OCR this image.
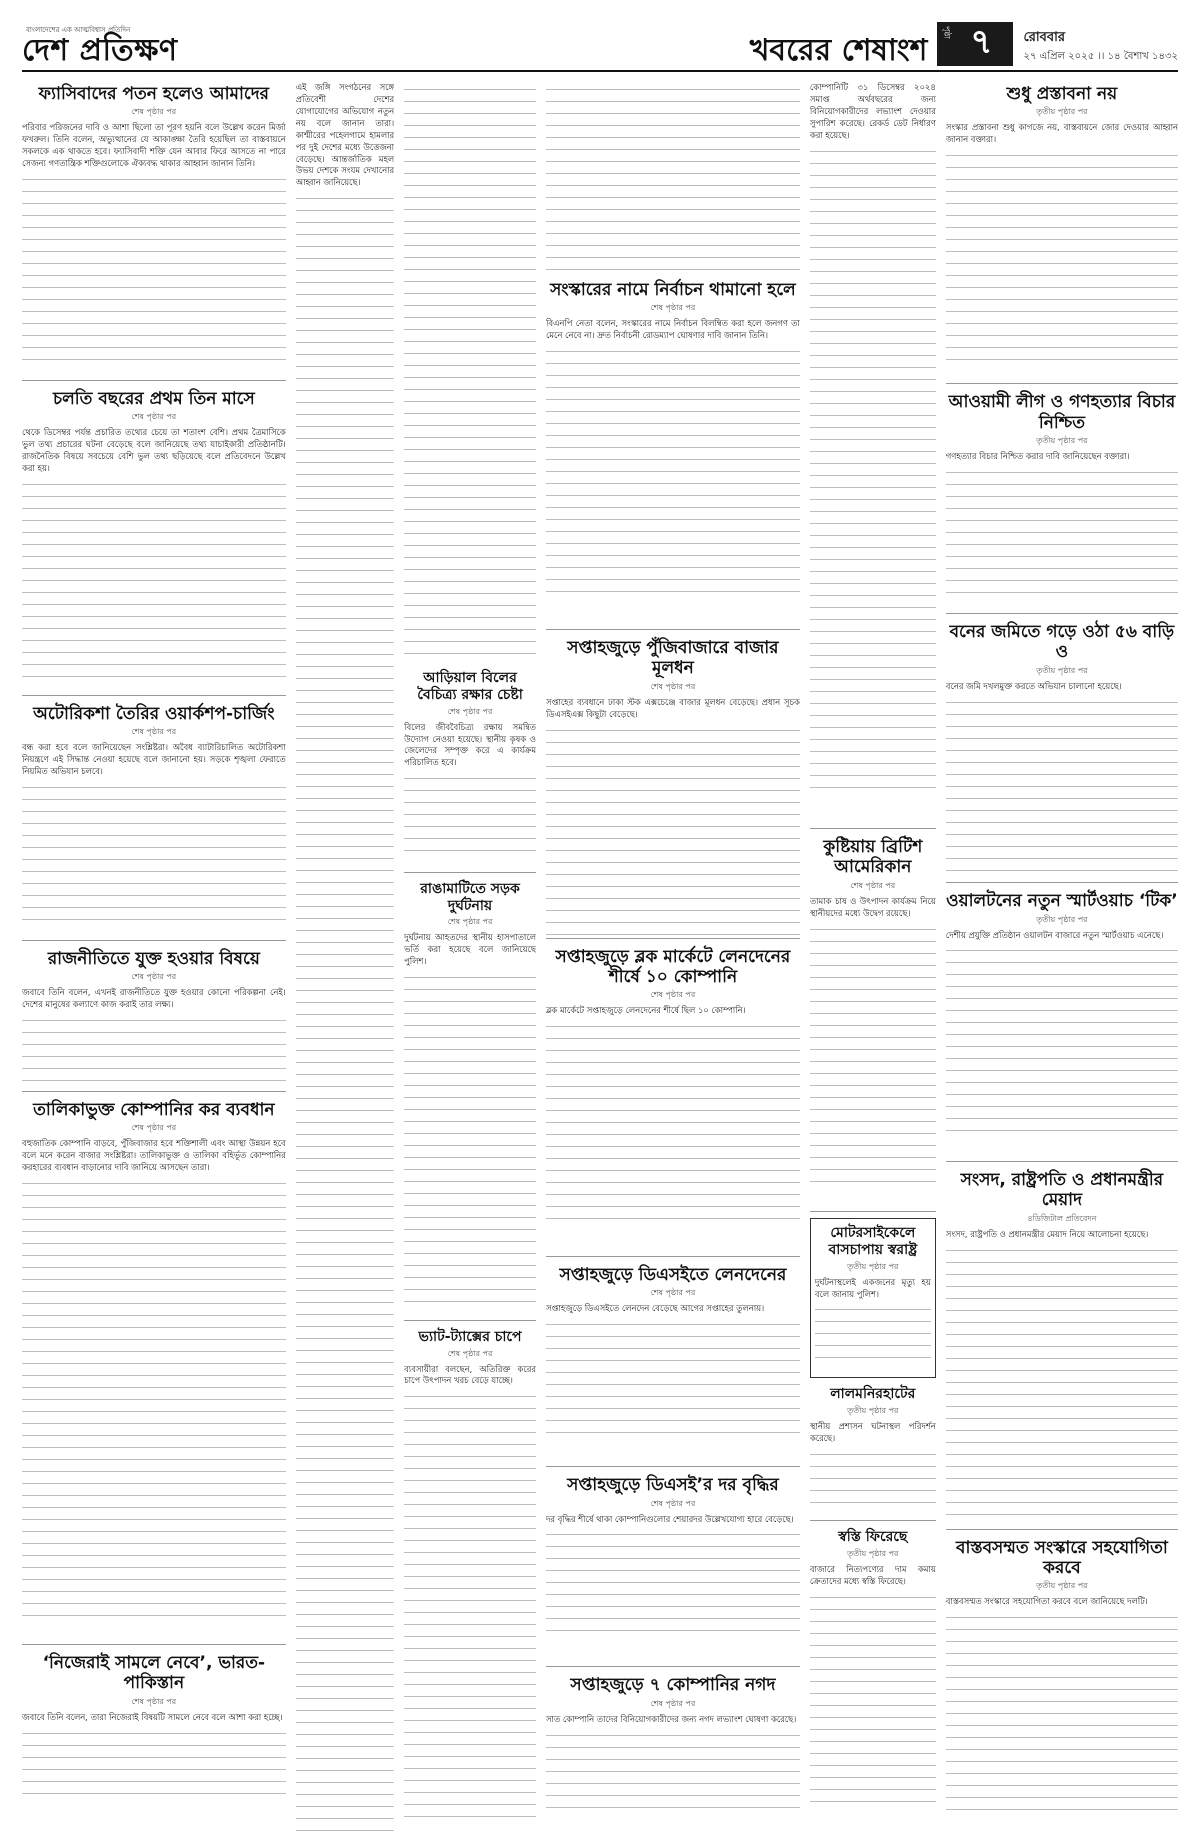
বাংলাদেশের এক আত্মবিশ্বাস প্রতিদিন
দেশ প্রতিক্ষণ	খবরের শেষাংশ
পৃষ্ঠা ৭ রোববার
২৭ এপ্রিল ২০২৫ ।। ১৪ বৈশাখ ১৪৩২
ফ্যাসিবাদের পতন হলেও আমাদের
শেষ পৃষ্ঠার পর

পরিবার পরিজনের দাবি ও আশা ছিলো তা পূরণ হয়নি বলে উল্লেখ করেন মির্জা ফখরুল। তিনি বলেন, অভ্যুত্থানের যে আকাঙ্ক্ষা তৈরি হয়েছিল তা বাস্তবায়নে সকলকে এক থাকতে হবে। ফ্যাসিবাদী শক্তি যেন আবার ফিরে আসতে না পারে সেজন্য গণতান্ত্রিক শক্তিগুলোকে ঐক্যবদ্ধ থাকার আহ্বান জানান তিনি।

চলতি বছরের প্রথম তিন মাসে
শেষ পৃষ্ঠার পর

থেকে ডিসেম্বর পর্যন্ত প্রচারিত তথ্যের চেয়ে তা শতাংশ বেশি। প্রথম ত্রৈমাসিকে ভুল তথ্য প্রচারের ঘটনা বেড়েছে বলে জানিয়েছে তথ্য যাচাইকারী প্রতিষ্ঠানটি। রাজনৈতিক বিষয়ে সবচেয়ে বেশি ভুল তথ্য ছড়িয়েছে বলে প্রতিবেদনে উল্লেখ করা হয়।

অটোরিকশা তৈরির ওয়ার্কশপ-চার্জিং
শেষ পৃষ্ঠার পর

বন্ধ করা হবে বলে জানিয়েছেন সংশ্লিষ্টরা। অবৈধ ব্যাটারিচালিত অটোরিকশা নিয়ন্ত্রণে এই সিদ্ধান্ত নেওয়া হয়েছে বলে জানানো হয়। সড়কে শৃঙ্খলা ফেরাতে নিয়মিত অভিযান চলবে।

রাজনীতিতে যুক্ত হওয়ার বিষয়ে
শেষ পৃষ্ঠার পর

জবাবে তিনি বলেন, এখনই রাজনীতিতে যুক্ত হওয়ার কোনো পরিকল্পনা নেই। দেশের মানুষের কল্যাণে কাজ করাই তার লক্ষ্য।

তালিকাভুক্ত কোম্পানির কর ব্যবধান
শেষ পৃষ্ঠার পর

বহুজাতিক কোম্পানি বাড়বে, পুঁজিবাজার হবে শক্তিশালী এবং আস্থা উন্নয়ন হবে বলে মনে করেন বাজার সংশ্লিষ্টরা। তালিকাভুক্ত ও তালিকা বহির্ভূত কোম্পানির করহারের ব্যবধান বাড়ানোর দাবি জানিয়ে আসছেন তারা।

‘নিজেরাই সামলে নেবে’, ভারত-পাকিস্তান
শেষ পৃষ্ঠার পর

জবাবে তিনি বলেন, তারা নিজেরাই বিষয়টি সামলে নেবে বলে আশা করা হচ্ছে।

এই জঙ্গি সংগঠনের সঙ্গে প্রতিবেশী দেশের যোগাযোগের অভিযোগ নতুন নয় বলে জানান তারা। কাশ্মীরের পহেলগামে হামলার পর দুই দেশের মধ্যে উত্তেজনা বেড়েছে। আন্তর্জাতিক মহল উভয় দেশকে সংযম দেখানোর আহ্বান জানিয়েছে।

আড়িয়াল বিলের বৈচিত্র্য রক্ষার চেষ্টা
শেষ পৃষ্ঠার পর

বিলের জীববৈচিত্র্য রক্ষায় সমন্বিত উদ্যোগ নেওয়া হয়েছে। স্থানীয় কৃষক ও জেলেদের সম্পৃক্ত করে এ কার্যক্রম পরিচালিত হবে।

রাঙামাটিতে সড়ক দুর্ঘটনায়
শেষ পৃষ্ঠার পর

দুর্ঘটনায় আহতদের স্থানীয় হাসপাতালে ভর্তি করা হয়েছে বলে জানিয়েছে পুলিশ।

ভ্যাট-ট্যাক্সের চাপে
শেষ পৃষ্ঠার পর

ব্যবসায়ীরা বলছেন, অতিরিক্ত করের চাপে উৎপাদন খরচ বেড়ে যাচ্ছে।

সংস্কারের নামে নির্বাচন থামানো হলে
শেষ পৃষ্ঠার পর

বিএনপি নেতা বলেন, সংস্কারের নামে নির্বাচন বিলম্বিত করা হলে জনগণ তা মেনে নেবে না। দ্রুত নির্বাচনী রোডম্যাপ ঘোষণার দাবি জানান তিনি।

সপ্তাহজুড়ে পুঁজিবাজারে বাজার মূলধন
শেষ পৃষ্ঠার পর

সপ্তাহের ব্যবধানে ঢাকা স্টক এক্সচেঞ্জে বাজার মূলধন বেড়েছে। প্রধান সূচক ডিএসইএক্স কিছুটা বেড়েছে।

সপ্তাহজুড়ে ব্লক মার্কেটে লেনদেনের শীর্ষে ১০ কোম্পানি
শেষ পৃষ্ঠার পর

ব্লক মার্কেটে সপ্তাহজুড়ে লেনদেনের শীর্ষে ছিল ১০ কোম্পানি।

সপ্তাহজুড়ে ডিএসইতে লেনদেনের
শেষ পৃষ্ঠার পর

সপ্তাহজুড়ে ডিএসইতে লেনদেন বেড়েছে আগের সপ্তাহের তুলনায়।

সপ্তাহজুড়ে ডিএসই’র দর বৃদ্ধির
শেষ পৃষ্ঠার পর

দর বৃদ্ধির শীর্ষে থাকা কোম্পানিগুলোর শেয়ারদর উল্লেখযোগ্য হারে বেড়েছে।

সপ্তাহজুড়ে ৭ কোম্পানির নগদ
শেষ পৃষ্ঠার পর

সাত কোম্পানি তাদের বিনিয়োগকারীদের জন্য নগদ লভ্যাংশ ঘোষণা করেছে।

কোম্পানিটি ৩১ ডিসেম্বর ২০২৪ সমাপ্ত অর্থবছরের জন্য বিনিয়োগকারীদের লভ্যাংশ দেওয়ার সুপারিশ করেছে। রেকর্ড ডেট নির্ধারণ করা হয়েছে।

কুষ্টিয়ায় ব্রিটিশ আমেরিকান
শেষ পৃষ্ঠার পর

তামাক চাষ ও উৎপাদন কার্যক্রম নিয়ে স্থানীয়দের মধ্যে উদ্বেগ রয়েছে।

মোটরসাইকেলে বাসচাপায় স্বরাষ্ট্র
তৃতীয় পৃষ্ঠার পর

দুর্ঘটনাস্থলেই একজনের মৃত্যু হয় বলে জানায় পুলিশ।

লালমনিরহাটের
তৃতীয় পৃষ্ঠার পর

স্থানীয় প্রশাসন ঘটনাস্থল পরিদর্শন করেছে।

স্বস্তি ফিরেছে
তৃতীয় পৃষ্ঠার পর

বাজারে নিত্যপণ্যের দাম কমায় ক্রেতাদের মধ্যে স্বস্তি ফিরেছে।

শুধু প্রস্তাবনা নয়
তৃতীয় পৃষ্ঠার পর

সংস্কার প্রস্তাবনা শুধু কাগজে নয়, বাস্তবায়নে জোর দেওয়ার আহ্বান জানান বক্তারা।

আওয়ামী লীগ ও গণহত্যার বিচার নিশ্চিত
তৃতীয় পৃষ্ঠার পর

গণহত্যার বিচার নিশ্চিত করার দাবি জানিয়েছেন বক্তারা।

বনের জমিতে গড়ে ওঠা ৫৬ বাড়ি ও
তৃতীয় পৃষ্ঠার পর

বনের জমি দখলমুক্ত করতে অভিযান চালানো হয়েছে।

ওয়ালটনের নতুন স্মার্টওয়াচ ‘টিক’
তৃতীয় পৃষ্ঠার পর

দেশীয় প্রযুক্তি প্রতিষ্ঠান ওয়ালটন বাজারে নতুন স্মার্টওয়াচ এনেছে।

সংসদ, রাষ্ট্রপতি ও প্রধানমন্ত্রীর মেয়াদ
৪ডিজিটাল প্রতিবেদন

সংসদ, রাষ্ট্রপতি ও প্রধানমন্ত্রীর মেয়াদ নিয়ে আলোচনা হয়েছে।

বাস্তবসম্মত সংস্কারে সহযোগিতা করবে
তৃতীয় পৃষ্ঠার পর

বাস্তবসম্মত সংস্কারে সহযোগিতা করবে বলে জানিয়েছে দলটি।
